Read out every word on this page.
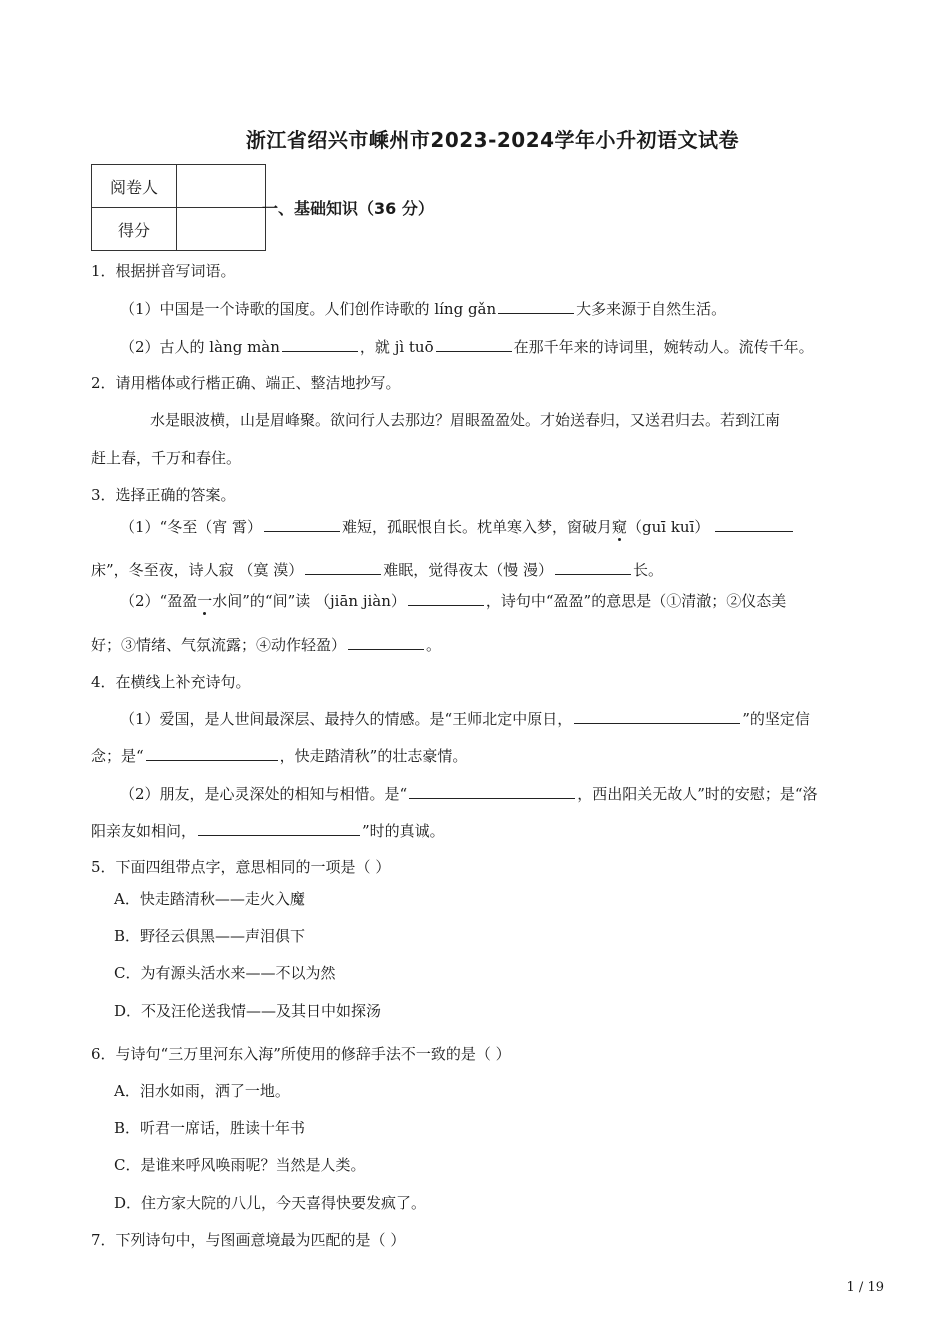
浙江省绍兴市嵊州市2023-2024学年小升初语文试卷
阅卷人	
得分	
一、基础知识（36 分）
1．根据拼音写词语。
（1）中国是一个诗歌的国度。人们创作诗歌的 líng gǎn	大多来源于自然生活。
（2）古人的 làng màn	，就 jì tuō	在那千年来的诗词里，婉转动人。流传千年。
2．请用楷体或行楷正确、端正、整洁地抄写。
水是眼波横，山是眉峰聚。欲问行人去那边？眉眼盈盈处。才始送春归，又送君归去。若到江南
赶上春，千万和春住。
3．选择正确的答案。
（1）“冬至（宵 霄）	难短，孤眠恨自长。枕单寒入梦，窗破月窥（guī kuī）
床”，冬至夜，诗人寂 （寞 漠）	难眠，觉得夜太（慢 漫）	长。
（2）“盈盈一水间”的“间”读 （jiān jiàn）	，诗句中“盈盈”的意思是（①清澈；②仪态美
好；③情绪、气氛流露；④动作轻盈）	。
4．在横线上补充诗句。
（1）爱国，是人世间最深层、最持久的情感。是“王师北定中原日，	”的坚定信
念；是“	，快走踏清秋”的壮志豪情。
（2）朋友，是心灵深处的相知与相惜。是“	，西出阳关无故人”时的安慰；是“洛
阳亲友如相问，	”时的真诚。
5．下面四组带点字，意思相同的一项是（ ）
A．快走踏清秋——走火入魔
B．野径云俱黑——声泪俱下
C．为有源头活水来——不以为然
D．不及汪伦送我情——及其日中如探汤
6．与诗句“三万里河东入海”所使用的修辞手法不一致的是（ ）
A．泪水如雨，洒了一地。
B．听君一席话，胜读十年书
C．是谁来呼风唤雨呢？当然是人类。
D．住方家大院的八儿，今天喜得快要发疯了。
7．下列诗句中，与图画意境最为匹配的是（ ）
1 / 19
